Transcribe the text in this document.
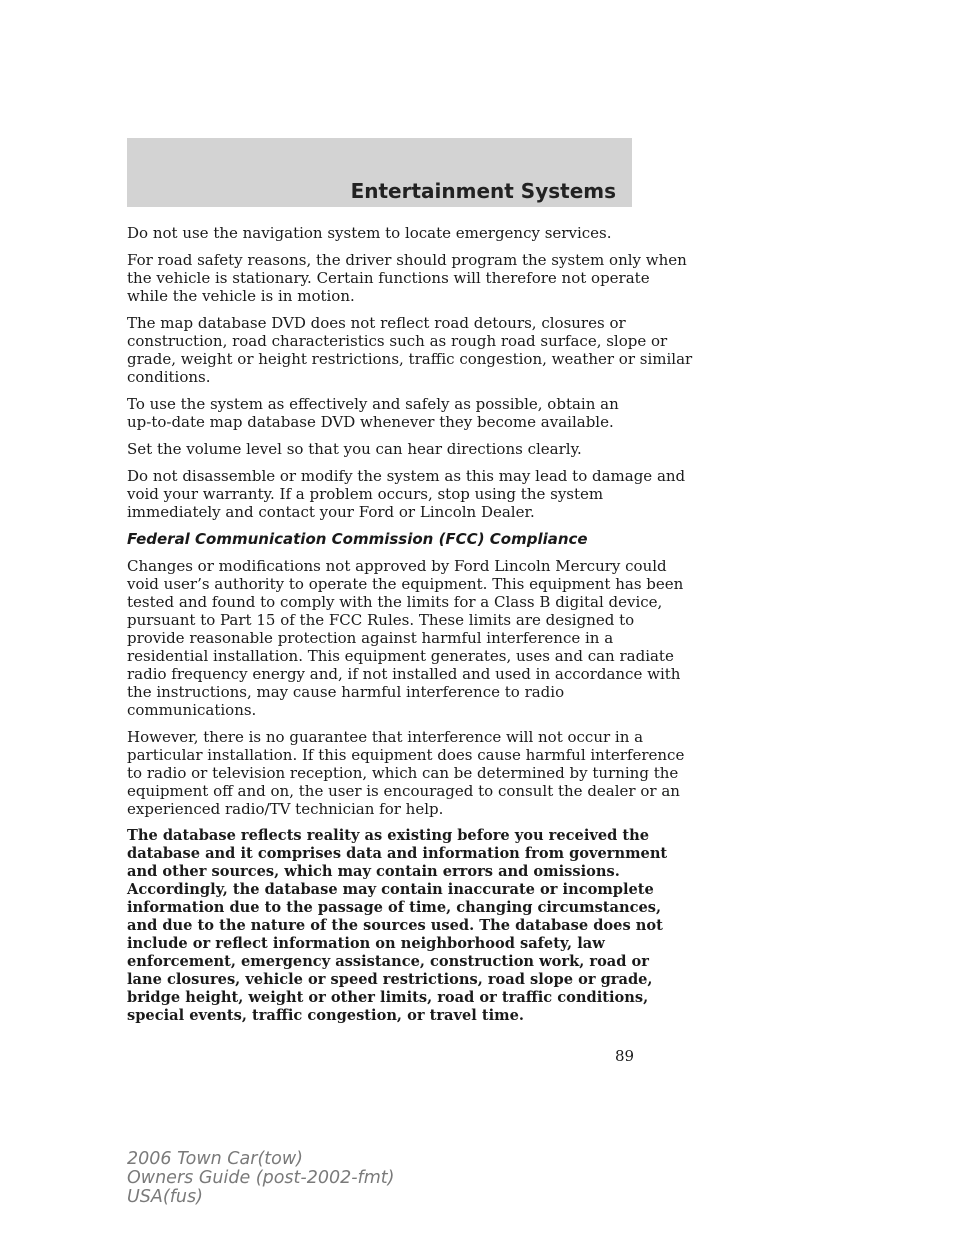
Entertainment Systems

Do not use the navigation system to locate emergency services.

For road safety reasons, the driver should program the system only when
the vehicle is stationary. Certain functions will therefore not operate
while the vehicle is in motion.

The map database DVD does not reflect road detours, closures or
construction, road characteristics such as rough road surface, slope or
grade, weight or height restrictions, traffic congestion, weather or similar
conditions.

To use the system as effectively and safely as possible, obtain an
up-to-date map database DVD whenever they become available.

Set the volume level so that you can hear directions clearly.

Do not disassemble or modify the system as this may lead to damage and
void your warranty. If a problem occurs, stop using the system
immediately and contact your Ford or Lincoln Dealer.

Federal Communication Commission (FCC) Compliance

Changes or modifications not approved by Ford Lincoln Mercury could
void user’s authority to operate the equipment. This equipment has been
tested and found to comply with the limits for a Class B digital device,
pursuant to Part 15 of the FCC Rules. These limits are designed to
provide reasonable protection against harmful interference in a
residential installation. This equipment generates, uses and can radiate
radio frequency energy and, if not installed and used in accordance with
the instructions, may cause harmful interference to radio
communications.

However, there is no guarantee that interference will not occur in a
particular installation. If this equipment does cause harmful interference
to radio or television reception, which can be determined by turning the
equipment off and on, the user is encouraged to consult the dealer or an
experienced radio/TV technician for help.

The database reflects reality as existing before you received the
database and it comprises data and information from government
and other sources, which may contain errors and omissions.
Accordingly, the database may contain inaccurate or incomplete
information due to the passage of time, changing circumstances,
and due to the nature of the sources used. The database does not
include or reflect information on neighborhood safety, law
enforcement, emergency assistance, construction work, road or
lane closures, vehicle or speed restrictions, road slope or grade,
bridge height, weight or other limits, road or traffic conditions,
special events, traffic congestion, or travel time.

89
2006 Town Car(tow)
Owners Guide (post-2002-fmt)
USA(fus)
